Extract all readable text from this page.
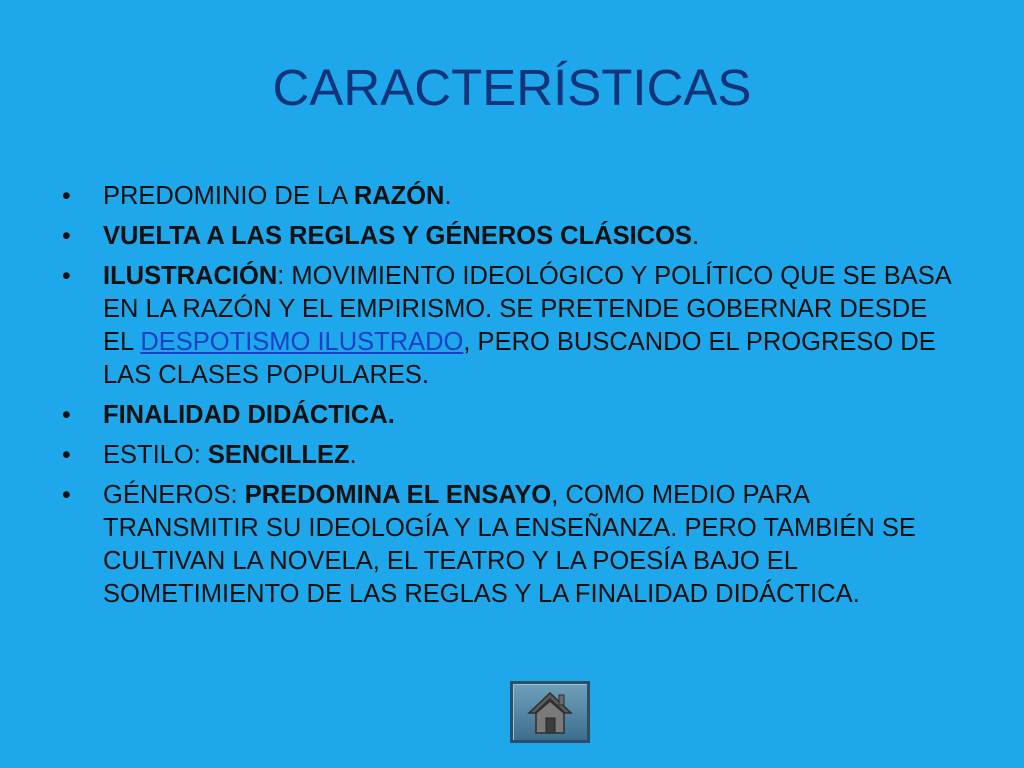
CARACTERÍSTICAS
• PREDOMINIO DE LA RAZÓN.
• VUELTA A LAS REGLAS Y GÉNEROS CLÁSICOS.
• ILUSTRACIÓN: MOVIMIENTO IDEOLÓGICO Y POLÍTICO QUE SE BASA EN LA RAZÓN Y EL EMPIRISMO. SE PRETENDE GOBERNAR DESDE EL DESPOTISMO ILUSTRADO, PERO BUSCANDO EL PROGRESO DE LAS CLASES POPULARES.
• FINALIDAD DIDÁCTICA.
• ESTILO: SENCILLEZ.
• GÉNEROS: PREDOMINA EL ENSAYO, COMO MEDIO PARA TRANSMITIR SU IDEOLOGÍA Y LA ENSEÑANZA. PERO TAMBIÉN SE CULTIVAN LA NOVELA, EL TEATRO Y LA POESÍA BAJO EL SOMETIMIENTO DE LAS REGLAS Y LA FINALIDAD DIDÁCTICA.
